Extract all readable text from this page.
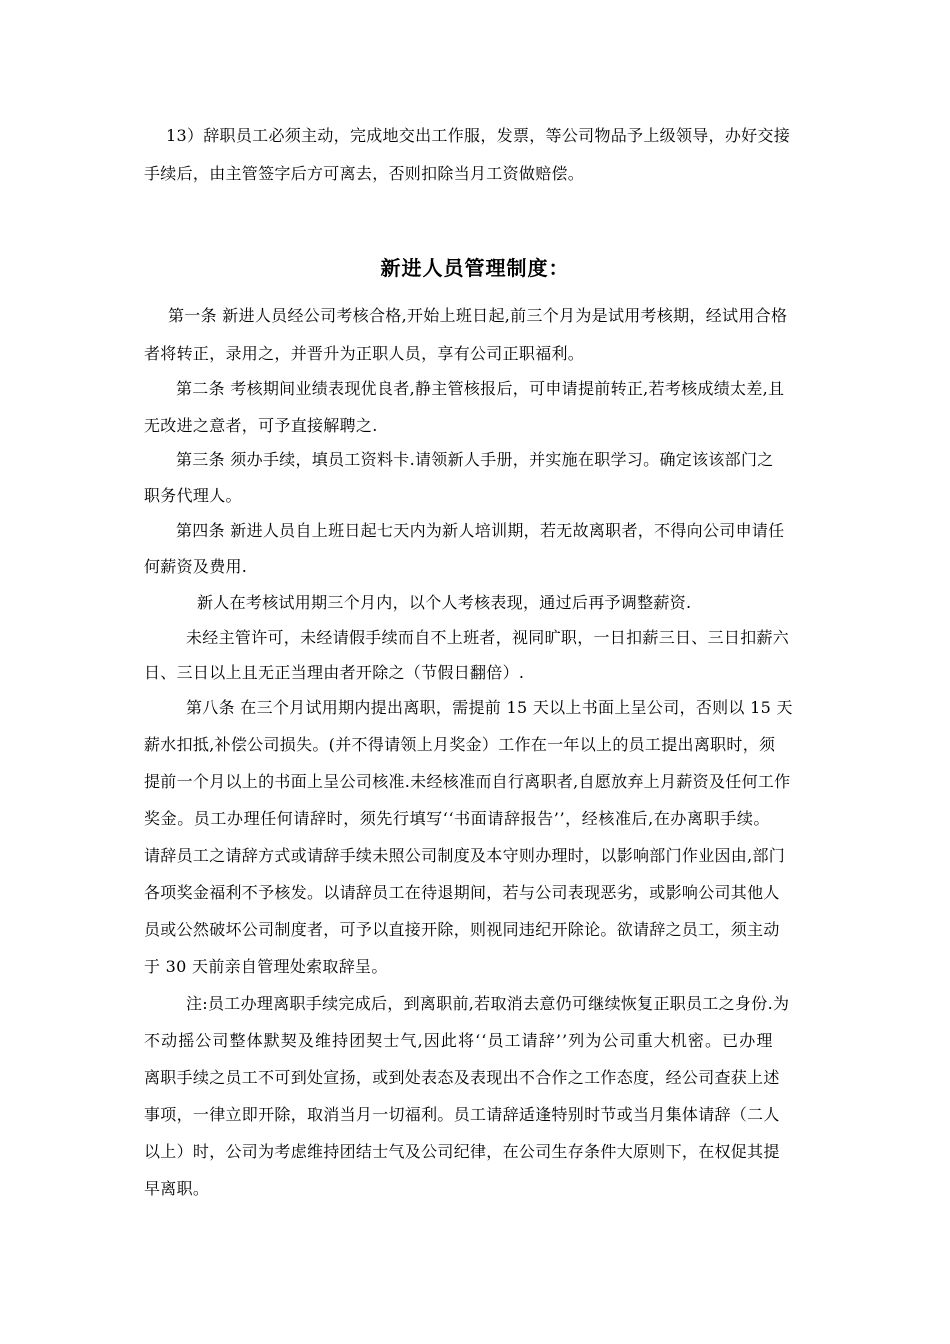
13）辞职员工必须主动，完成地交出工作服，发票，等公司物品予上级领导，办好交接
手续后，由主管签字后方可离去，否则扣除当月工资做赔偿。
新进人员管理制度：
第一条 新进人员经公司考核合格,开始上班日起,前三个月为是试用考核期，经试用合格
者将转正，录用之，并晋升为正职人员，享有公司正职福利。
第二条 考核期间业绩表现优良者,静主管核报后，可申请提前转正,若考核成绩太差,且
无改进之意者，可予直接解聘之.
第三条 须办手续，填员工资料卡.请领新人手册，并实施在职学习。确定该该部门之
职务代理人。
第四条 新进人员自上班日起七天内为新人培训期，若无故离职者，不得向公司申请任
何薪资及费用.
新人在考核试用期三个月内，以个人考核表现，通过后再予调整薪资.
未经主管许可，未经请假手续而自不上班者，视同旷职，一日扣薪三日、三日扣薪六
日、三日以上且无正当理由者开除之（节假日翻倍）.
第八条 在三个月试用期内提出离职，需提前 15 天以上书面上呈公司，否则以 15 天
薪水扣抵,补偿公司损失。(并不得请领上月奖金）工作在一年以上的员工提出离职时，须
提前一个月以上的书面上呈公司核准.未经核准而自行离职者,自愿放弃上月薪资及任何工作
奖金。员工办理任何请辞时，须先行填写‘‘书面请辞报告’’，经核准后,在办离职手续。
请辞员工之请辞方式或请辞手续未照公司制度及本守则办理时，以影响部门作业因由,部门
各项奖金福利不予核发。以请辞员工在待退期间，若与公司表现恶劣，或影响公司其他人
员或公然破坏公司制度者，可予以直接开除，则视同违纪开除论。欲请辞之员工，须主动
于 30 天前亲自管理处索取辞呈。
注:员工办理离职手续完成后，到离职前,若取消去意仍可继续恢复正职员工之身份.为
不动摇公司整体默契及维持团契士气,因此将‘‘员工请辞’’列为公司重大机密。已办理
离职手续之员工不可到处宣扬，或到处表态及表现出不合作之工作态度，经公司查获上述
事项，一律立即开除，取消当月一切福利。员工请辞适逢特别时节或当月集体请辞（二人
以上）时，公司为考虑维持团结士气及公司纪律，在公司生存条件大原则下，在权促其提
早离职。
